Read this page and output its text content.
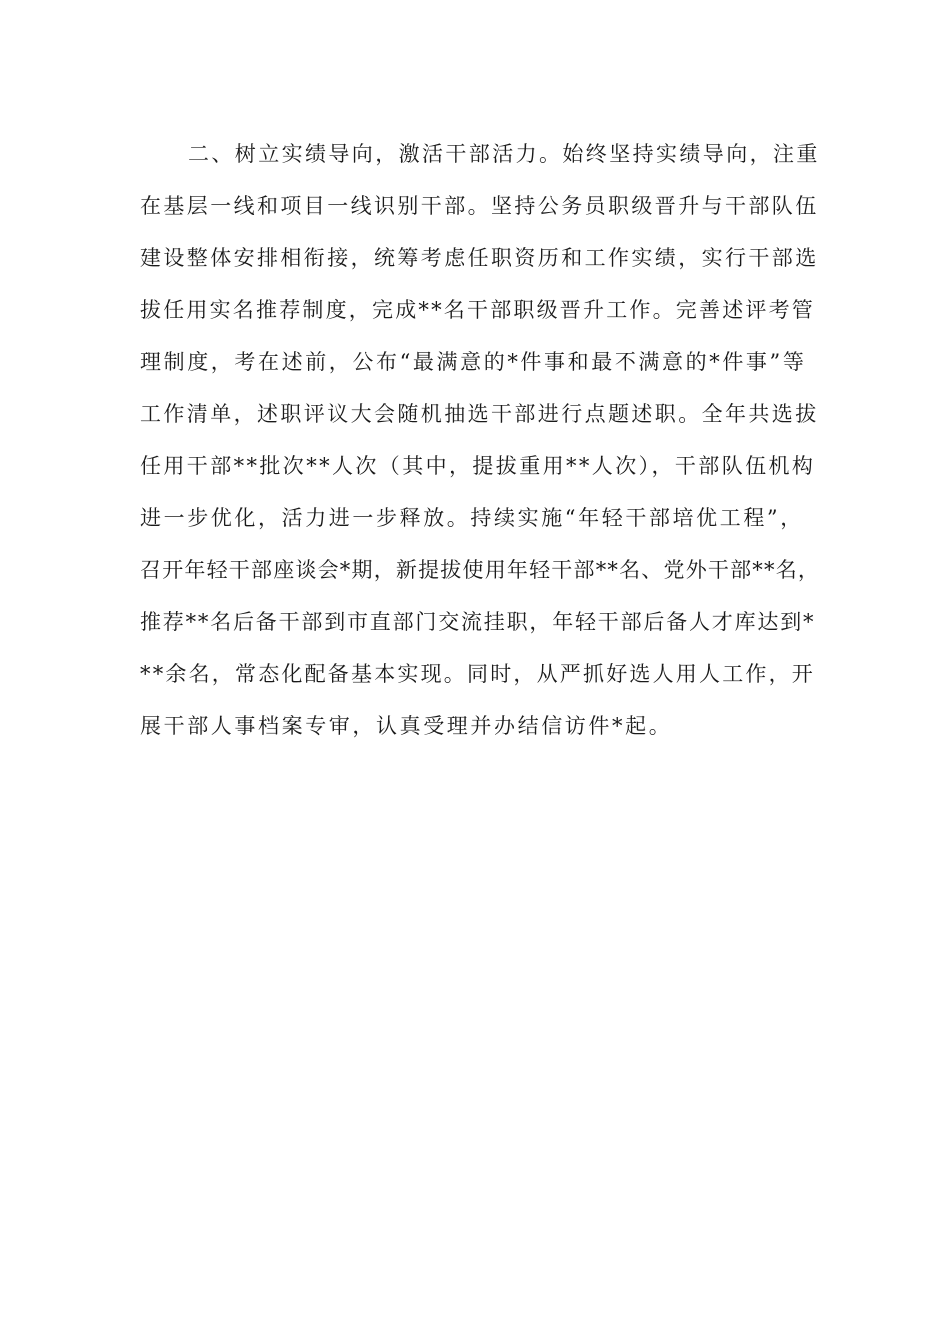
二、树立实绩导向，激活干部活力。始终坚持实绩导向，注重
在基层一线和项目一线识别干部。坚持公务员职级晋升与干部队伍
建设整体安排相衔接，统筹考虑任职资历和工作实绩，实行干部选
拔任用实名推荐制度，完成**名干部职级晋升工作。完善述评考管
理制度，考在述前，公布“最满意的*件事和最不满意的*件事”等
工作清单，述职评议大会随机抽选干部进行点题述职。全年共选拔
任用干部**批次**人次（其中，提拔重用**人次），干部队伍机构
进一步优化，活力进一步释放。持续实施“年轻干部培优工程”，
召开年轻干部座谈会*期，新提拔使用年轻干部**名、党外干部**名，
推荐**名后备干部到市直部门交流挂职，年轻干部后备人才库达到*
**余名，常态化配备基本实现。同时，从严抓好选人用人工作，开
展干部人事档案专审，认真受理并办结信访件*起。
